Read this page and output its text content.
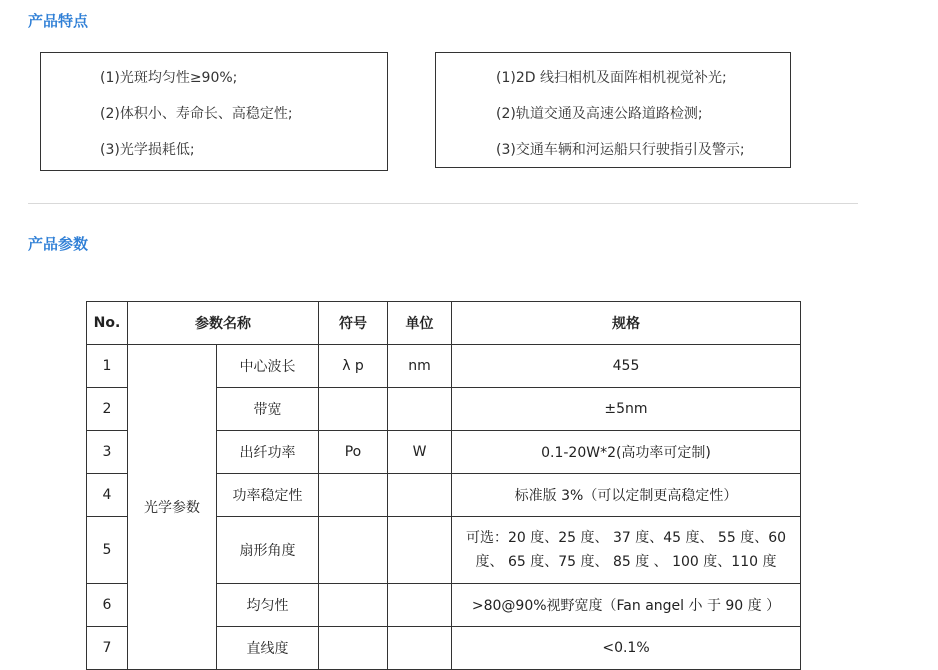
产品特点
(1)光斑均匀性≥90%;
(2)体积小、寿命长、高稳定性;
(3)光学损耗低;
(1)2D 线扫相机及面阵相机视觉补光;
(2)轨道交通及高速公路道路检测;
(3)交通车辆和河运船只行驶指引及警示;
产品参数
No.	参数名称		符号	单位	规格
1	光学参数	中心波长	λ p	nm	455
2		带宽			±5nm
3		出纤功率	Po	W	0.1-20W*2(高功率可定制)
4		功率稳定性			标准版 3%（可以定制更高稳定性）
5		扇形角度			可选：20 度、25 度、 37 度、45 度、 55 度、60 度、 65 度、75 度、 85 度 、 100 度、110 度

6		均匀性			>80@90%视野宽度（Fan angel 小 于 90 度 ）
7		直线度			<0.1%
